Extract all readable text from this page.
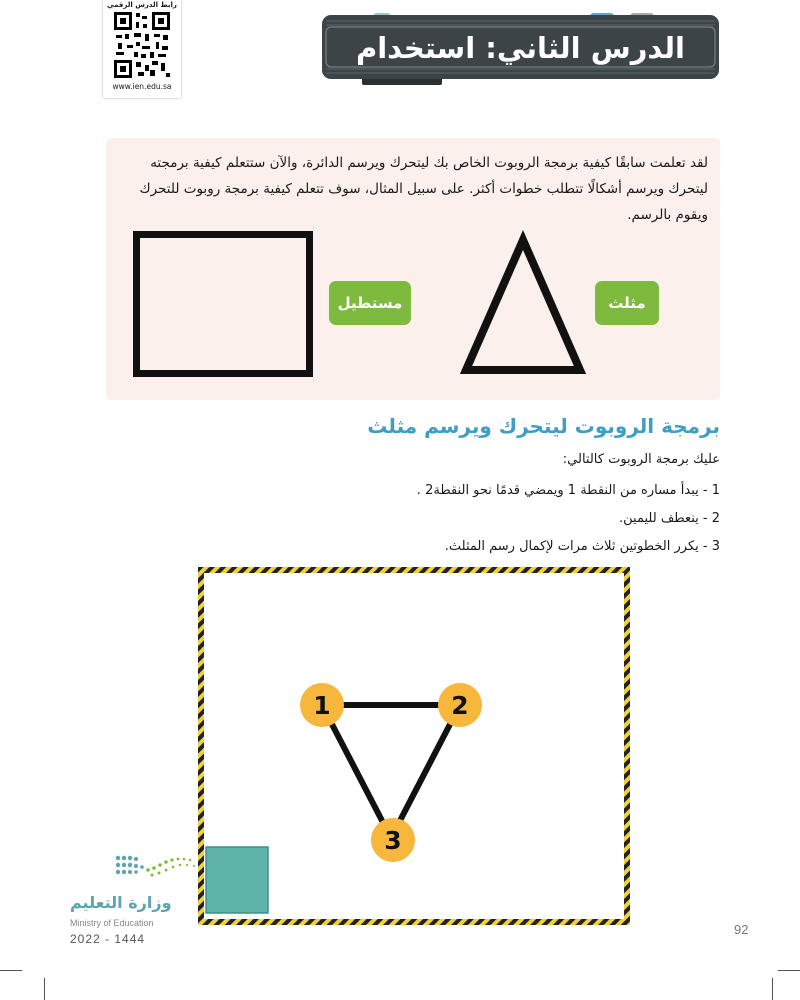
رابط الدرس الرقمي
www.ien.edu.sa
الدرس الثاني: استخدام التكرارات
لقد تعلمت سابقًا كيفية برمجة الروبوت الخاص بك ليتحرك ويرسم الدائرة، والآن ستتعلم كيفية برمجته ليتحرك ويرسم أشكالًا تتطلب خطوات أكثر. على سبيل المثال، سوف تتعلم كيفية برمجة روبوت للتحرك ويقوم بالرسم.
مستطيل	مثلث
برمجة الروبوت ليتحرك ويرسم مثلث
عليك برمجة الروبوت كالتالي:
1 - يبدأ مساره من النقطة 1 ويمضي قدمًا نحو النقطة2 .
2 - ينعطف لليمين.
3 - يكرر الخطوتين ثلاث مرات لإكمال رسم المثلث.
1	2
3
وزارة التعليم
Ministry of Education
2022 - 1444
92
